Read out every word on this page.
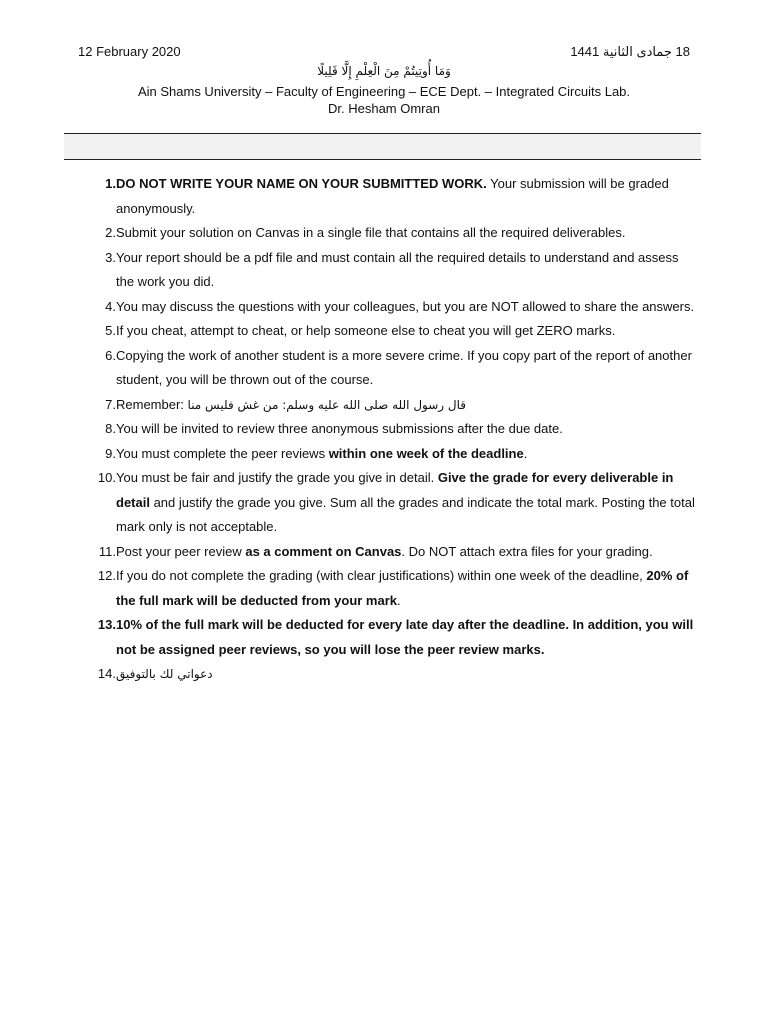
12 February 2020	18 جمادى الثانية 1441
وَمَا أُوتِيتُمْ مِنَ الْعِلْمِ إِلَّا قَلِيلًا
Ain Shams University – Faculty of Engineering – ECE Dept. – Integrated Circuits Lab.
Dr. Hesham Omran
1. DO NOT WRITE YOUR NAME ON YOUR SUBMITTED WORK. Your submission will be graded anonymously.
2. Submit your solution on Canvas in a single file that contains all the required deliverables.
3. Your report should be a pdf file and must contain all the required details to understand and assess the work you did.
4. You may discuss the questions with your colleagues, but you are NOT allowed to share the answers.
5. If you cheat, attempt to cheat, or help someone else to cheat you will get ZERO marks.
6. Copying the work of another student is a more severe crime. If you copy part of the report of another student, you will be thrown out of the course.
7. Remember: قال رسول الله صلى الله عليه وسلم: من غش فليس منا
8. You will be invited to review three anonymous submissions after the due date.
9. You must complete the peer reviews within one week of the deadline.
10. You must be fair and justify the grade you give in detail. Give the grade for every deliverable in detail and justify the grade you give. Sum all the grades and indicate the total mark. Posting the total mark only is not acceptable.
11. Post your peer review as a comment on Canvas. Do NOT attach extra files for your grading.
12. If you do not complete the grading (with clear justifications) within one week of the deadline, 20% of the full mark will be deducted from your mark.
13. 10% of the full mark will be deducted for every late day after the deadline. In addition, you will not be assigned peer reviews, so you will lose the peer review marks.
14. دعواتي لك بالتوفيق
